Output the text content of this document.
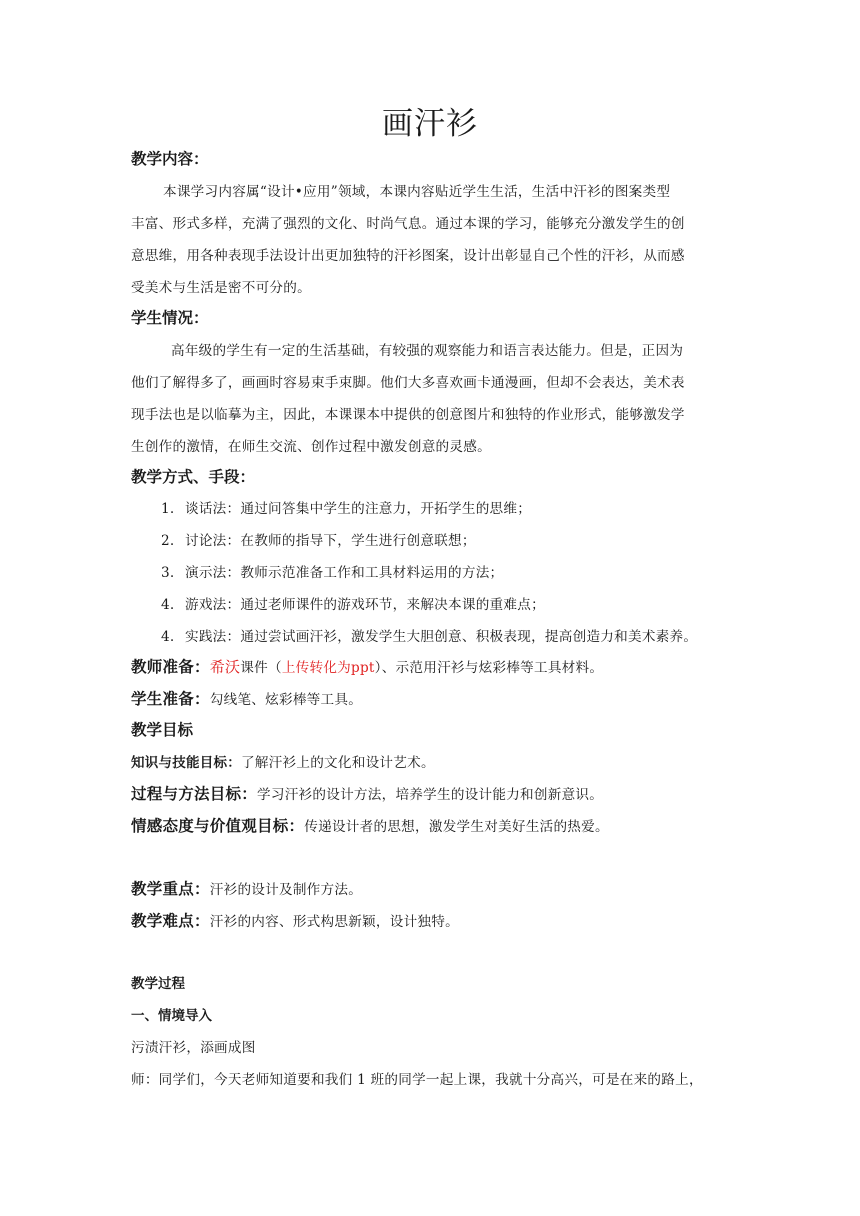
画汗衫
教学内容：
本课学习内容属“设计•应用”领域，本课内容贴近学生生活，生活中汗衫的图案类型
丰富、形式多样，充满了强烈的文化、时尚气息。通过本课的学习，能够充分激发学生的创
意思维，用各种表现手法设计出更加独特的汗衫图案，设计出彰显自己个性的汗衫，从而感
受美术与生活是密不可分的。
学生情况：
高年级的学生有一定的生活基础，有较强的观察能力和语言表达能力。但是，正因为
他们了解得多了，画画时容易束手束脚。他们大多喜欢画卡通漫画，但却不会表达，美术表
现手法也是以临摹为主，因此，本课课本中提供的创意图片和独特的作业形式，能够激发学
生创作的激情，在师生交流、创作过程中激发创意的灵感。
教学方式、手段：
1. 谈话法：通过问答集中学生的注意力，开拓学生的思维；
2. 讨论法：在教师的指导下，学生进行创意联想；
3. 演示法：教师示范准备工作和工具材料运用的方法；
4. 游戏法：通过老师课件的游戏环节，来解决本课的重难点；
4. 实践法：通过尝试画汗衫，激发学生大胆创意、积极表现，提高创造力和美术素养。
教师准备：希沃课件（上传转化为ppt）、示范用汗衫与炫彩棒等工具材料。
学生准备：勾线笔、炫彩棒等工具。
教学目标
知识与技能目标：了解汗衫上的文化和设计艺术。
过程与方法目标：学习汗衫的设计方法，培养学生的设计能力和创新意识。
情感态度与价值观目标：传递设计者的思想，激发学生对美好生活的热爱。
教学重点：汗衫的设计及制作方法。
教学难点：汗衫的内容、形式构思新颖，设计独特。
教学过程
一、情境导入
污渍汗衫，添画成图
师：同学们，今天老师知道要和我们 1 班的同学一起上课，我就十分高兴，可是在来的路上，
